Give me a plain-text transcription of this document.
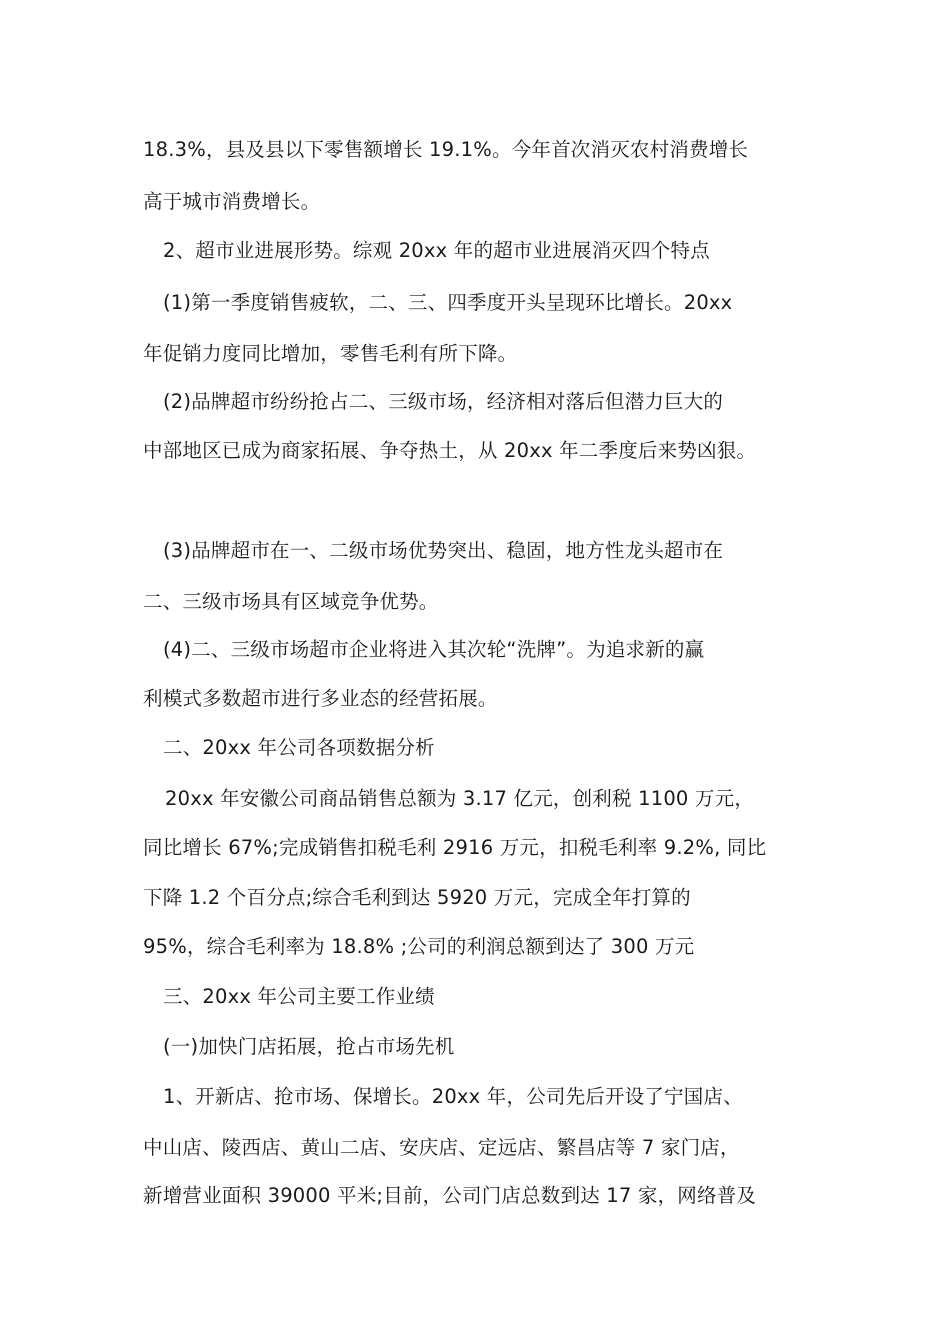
18.3%，县及县以下零售额增长 19.1%。今年首次消灭农村消费增长
高于城市消费增长。
2、超市业进展形势。综观 20xx 年的超市业进展消灭四个特点
(1)第一季度销售疲软，二、三、四季度开头呈现环比增长。20xx
年促销力度同比增加，零售毛利有所下降。
(2)品牌超市纷纷抢占二、三级市场，经济相对落后但潜力巨大的
中部地区已成为商家拓展、争夺热土，从 20xx 年二季度后来势凶狠。
(3)品牌超市在一、二级市场优势突出、稳固，地方性龙头超市在
二、三级市场具有区域竞争优势。
(4)二、三级市场超市企业将进入其次轮“洗牌”。为追求新的赢
利模式多数超市进行多业态的经营拓展。
二、20xx 年公司各项数据分析
20xx 年安徽公司商品销售总额为 3.17 亿元，创利税 1100 万元，
同比增长 67%;完成销售扣税毛利 2916 万元，扣税毛利率 9.2%, 同比
下降 1.2 个百分点;综合毛利到达 5920 万元，完成全年打算的
95%，综合毛利率为 18.8% ;公司的利润总额到达了 300 万元
三、20xx 年公司主要工作业绩
(一)加快门店拓展，抢占市场先机
1、开新店、抢市场、保增长。20xx 年，公司先后开设了宁国店、
中山店、陵西店、黄山二店、安庆店、定远店、繁昌店等 7 家门店，
新增营业面积 39000 平米;目前，公司门店总数到达 17 家，网络普及
